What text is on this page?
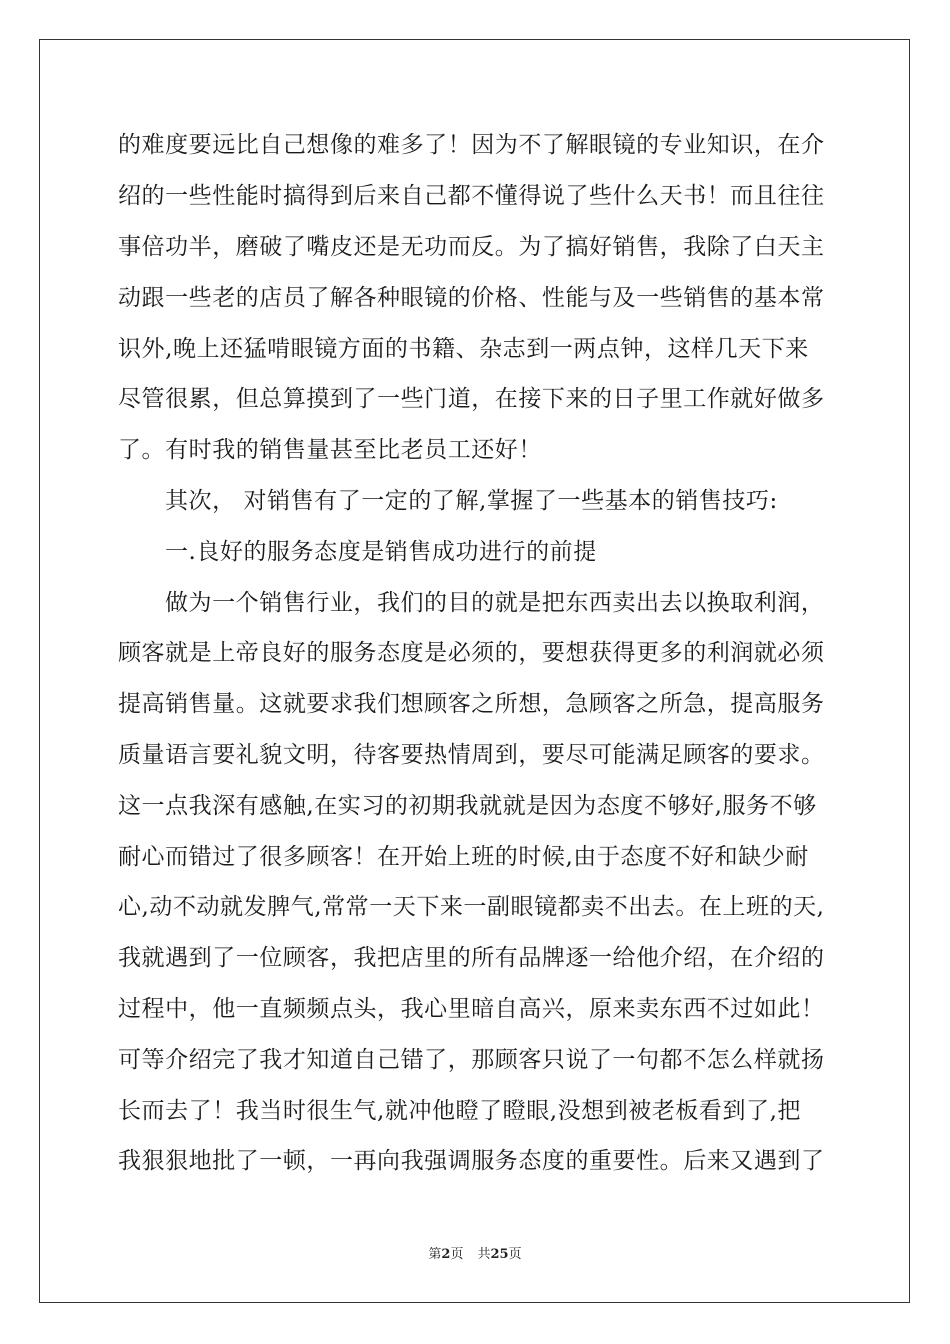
的难度要远比自己想像的难多了！因为不了解眼镜的专业知识，在介
绍的一些性能时搞得到后来自己都不懂得说了些什么天书！而且往往
事倍功半，磨破了嘴皮还是无功而反。为了搞好销售，我除了白天主
动跟一些老的店员了解各种眼镜的价格、性能与及一些销售的基本常
识外,晚上还猛啃眼镜方面的书籍、杂志到一两点钟，这样几天下来
尽管很累，但总算摸到了一些门道，在接下来的日子里工作就好做多
了。有时我的销售量甚至比老员工还好！
其次， 对销售有了一定的了解,掌握了一些基本的销售技巧:
一.良好的服务态度是销售成功进行的前提
做为一个销售行业，我们的目的就是把东西卖出去以换取利润，
顾客就是上帝良好的服务态度是必须的，要想获得更多的利润就必须
提高销售量。这就要求我们想顾客之所想，急顾客之所急，提高服务
质量语言要礼貌文明，待客要热情周到，要尽可能满足顾客的要求。
这一点我深有感触,在实习的初期我就就是因为态度不够好,服务不够
耐心而错过了很多顾客！在开始上班的时候,由于态度不好和缺少耐
心,动不动就发脾气,常常一天下来一副眼镜都卖不出去。在上班的天,
我就遇到了一位顾客，我把店里的所有品牌逐一给他介绍，在介绍的
过程中，他一直频频点头，我心里暗自高兴，原来卖东西不过如此！
可等介绍完了我才知道自己错了，那顾客只说了一句都不怎么样就扬
长而去了！我当时很生气,就冲他瞪了瞪眼,没想到被老板看到了,把
我狠狠地批了一顿，一再向我强调服务态度的重要性。后来又遇到了
第2页 共25页
